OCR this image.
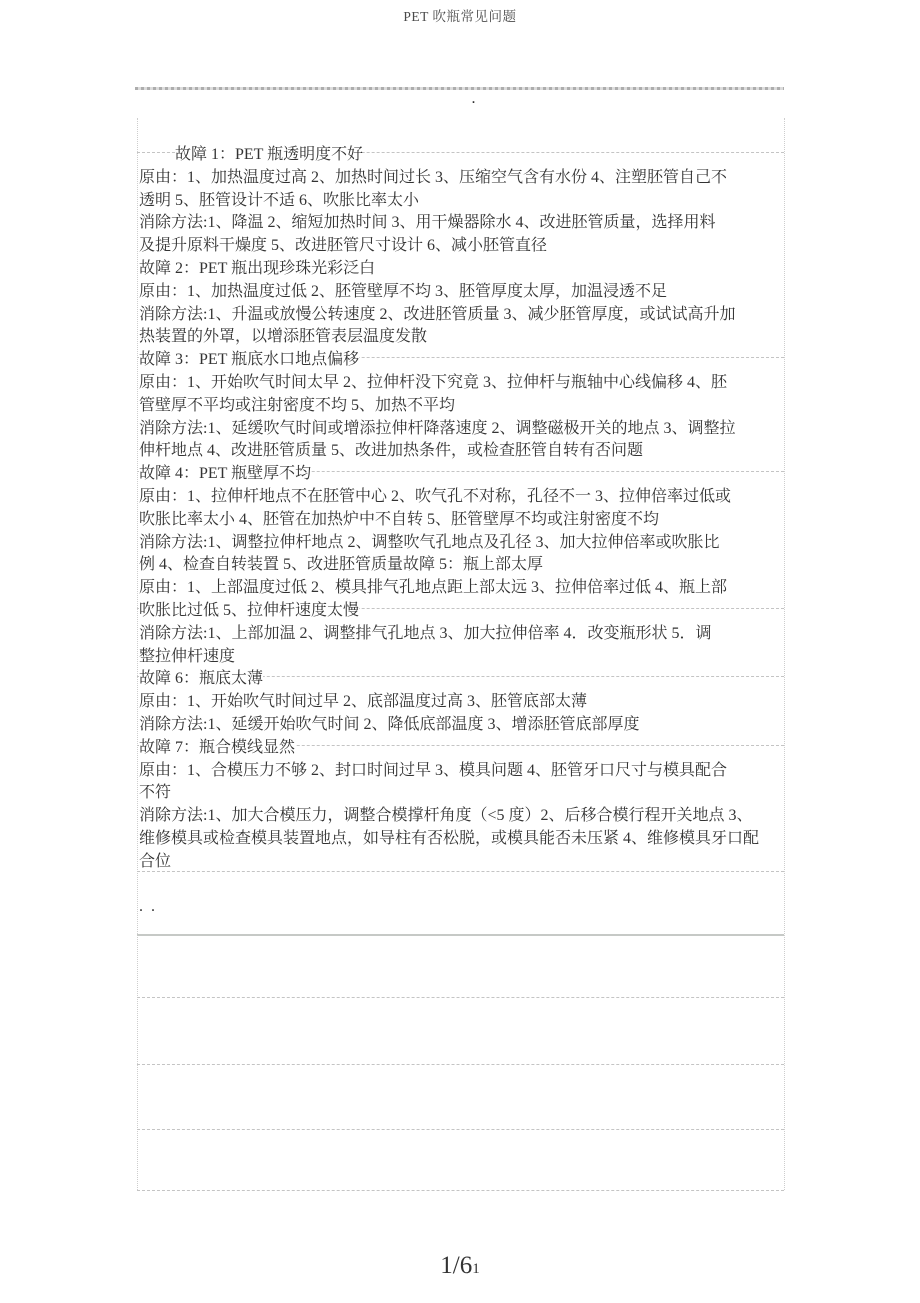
PET 吹瓶常见问题
.
故障 1：PET 瓶透明度不好
原由：1、加热温度过高 2、加热时间过长 3、压缩空气含有水份 4、注塑胚管自己不
透明 5、胚管设计不适 6、吹胀比率太小
消除方法:1、降温 2、缩短加热时间 3、用干燥器除水 4、改进胚管质量，选择用料
及提升原料干燥度 5、改进胚管尺寸设计 6、减小胚管直径
故障 2：PET 瓶出现珍珠光彩泛白
原由：1、加热温度过低 2、胚管壁厚不均 3、胚管厚度太厚，加温浸透不足
消除方法:1、升温或放慢公转速度 2、改进胚管质量 3、减少胚管厚度，或试试高升加
热装置的外罩，以增添胚管表层温度发散
故障 3：PET 瓶底水口地点偏移
原由：1、开始吹气时间太早 2、拉伸杆没下究竟 3、拉伸杆与瓶轴中心线偏移 4、胚
管壁厚不平均或注射密度不均 5、加热不平均
消除方法:1、延缓吹气时间或增添拉伸杆降落速度 2、调整磁极开关的地点 3、调整拉
伸杆地点 4、改进胚管质量 5、改进加热条件，或检查胚管自转有否问题
故障 4：PET 瓶壁厚不均
原由：1、拉伸杆地点不在胚管中心 2、吹气孔不对称，孔径不一 3、拉伸倍率过低或
吹胀比率太小 4、胚管在加热炉中不自转 5、胚管壁厚不均或注射密度不均
消除方法:1、调整拉伸杆地点 2、调整吹气孔地点及孔径 3、加大拉伸倍率或吹胀比
例 4、检查自转装置 5、改进胚管质量故障 5：瓶上部太厚
原由：1、上部温度过低 2、模具排气孔地点距上部太远 3、拉伸倍率过低 4、瓶上部
吹胀比过低 5、拉伸杆速度太慢
消除方法:1、上部加温 2、调整排气孔地点 3、加大拉伸倍率 4．改变瓶形状 5．调
整拉伸杆速度
故障 6：瓶底太薄
原由：1、开始吹气时间过早 2、底部温度过高 3、胚管底部太薄
消除方法:1、延缓开始吹气时间 2、降低底部温度 3、增添胚管底部厚度
故障 7：瓶合模线显然
原由：1、合模压力不够 2、封口时间过早 3、模具问题 4、胚管牙口尺寸与模具配合
不符
消除方法:1、加大合模压力，调整合模撑杆角度（<5 度）2、后移合模行程开关地点 3、
维修模具或检查模具装置地点，如导柱有否松脱，或模具能否未压紧 4、维修模具牙口配
合位
. .
1/61
